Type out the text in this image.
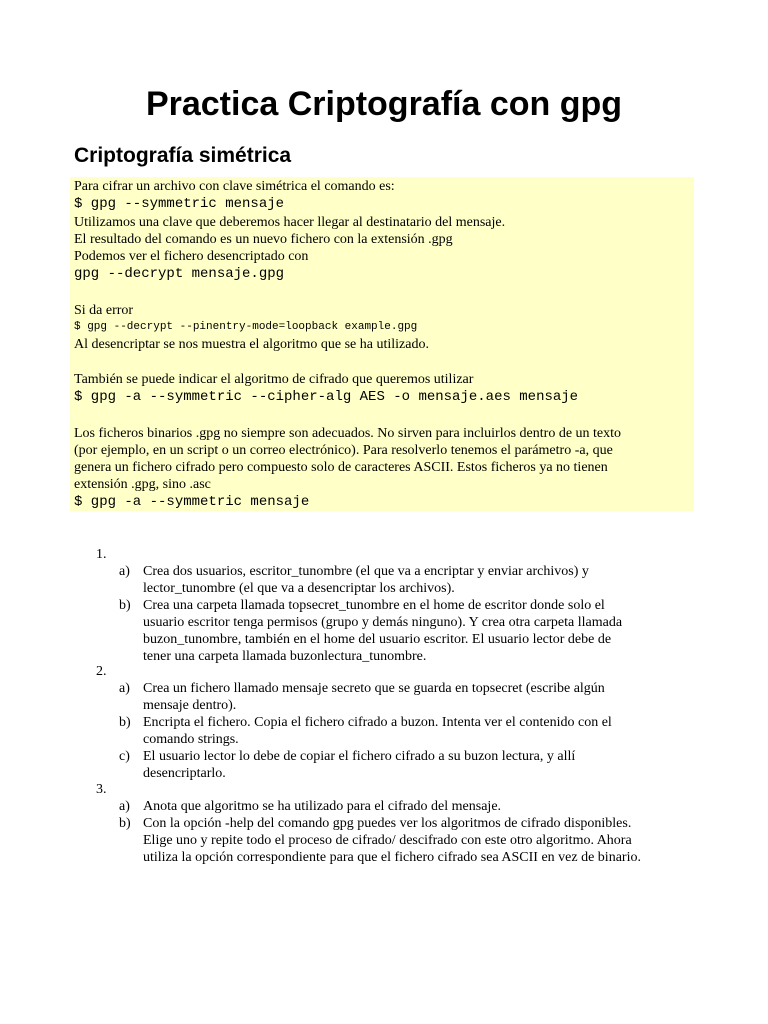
Practica Criptografía con gpg
Criptografía simétrica
Para cifrar un archivo con clave simétrica el comando es:
$ gpg --symmetric mensaje
Utilizamos una clave que deberemos hacer llegar al destinatario del mensaje.
El resultado del comando es un nuevo fichero con la extensión .gpg
Podemos ver el fichero desencriptado con
gpg --decrypt mensaje.gpg
Si da error
$ gpg --decrypt --pinentry-mode=loopback example.gpg
Al desencriptar se nos muestra el algoritmo que se ha utilizado.
También se puede indicar el algoritmo de cifrado que queremos utilizar
$ gpg -a --symmetric --cipher-alg AES -o mensaje.aes mensaje
Los ficheros binarios .gpg no siempre son adecuados. No sirven para incluirlos dentro de un texto
(por ejemplo, en un script o un correo electrónico). Para resolverlo tenemos el parámetro -a, que
genera un fichero cifrado pero compuesto solo de caracteres ASCII. Estos ficheros ya no tienen
extensión .gpg, sino .asc
$ gpg -a --symmetric mensaje
1.
a) Crea dos usuarios, escritor_tunombre (el que va a encriptar y enviar archivos) y
lector_tunombre (el que va a desencriptar los archivos).
b) Crea una carpeta llamada topsecret_tunombre en el home de escritor donde solo el
usuario escritor tenga permisos (grupo y demás ninguno). Y crea otra carpeta llamada
buzon_tunombre, también en el home del usuario escritor. El usuario lector debe de
tener una carpeta llamada buzonlectura_tunombre.
2.
a) Crea un fichero llamado mensaje secreto que se guarda en topsecret (escribe algún
mensaje dentro).
b) Encripta el fichero. Copia el fichero cifrado a buzon. Intenta ver el contenido con el
comando strings.
c) El usuario lector lo debe de copiar el fichero cifrado a su buzon lectura, y allí
desencriptarlo.
3.
a) Anota que algoritmo se ha utilizado para el cifrado del mensaje.
b) Con la opción -help del comando gpg puedes ver los algoritmos de cifrado disponibles.
Elige uno y repite todo el proceso de cifrado/ descifrado con este otro algoritmo. Ahora
utiliza la opción correspondiente para que el fichero cifrado sea ASCII en vez de binario.
